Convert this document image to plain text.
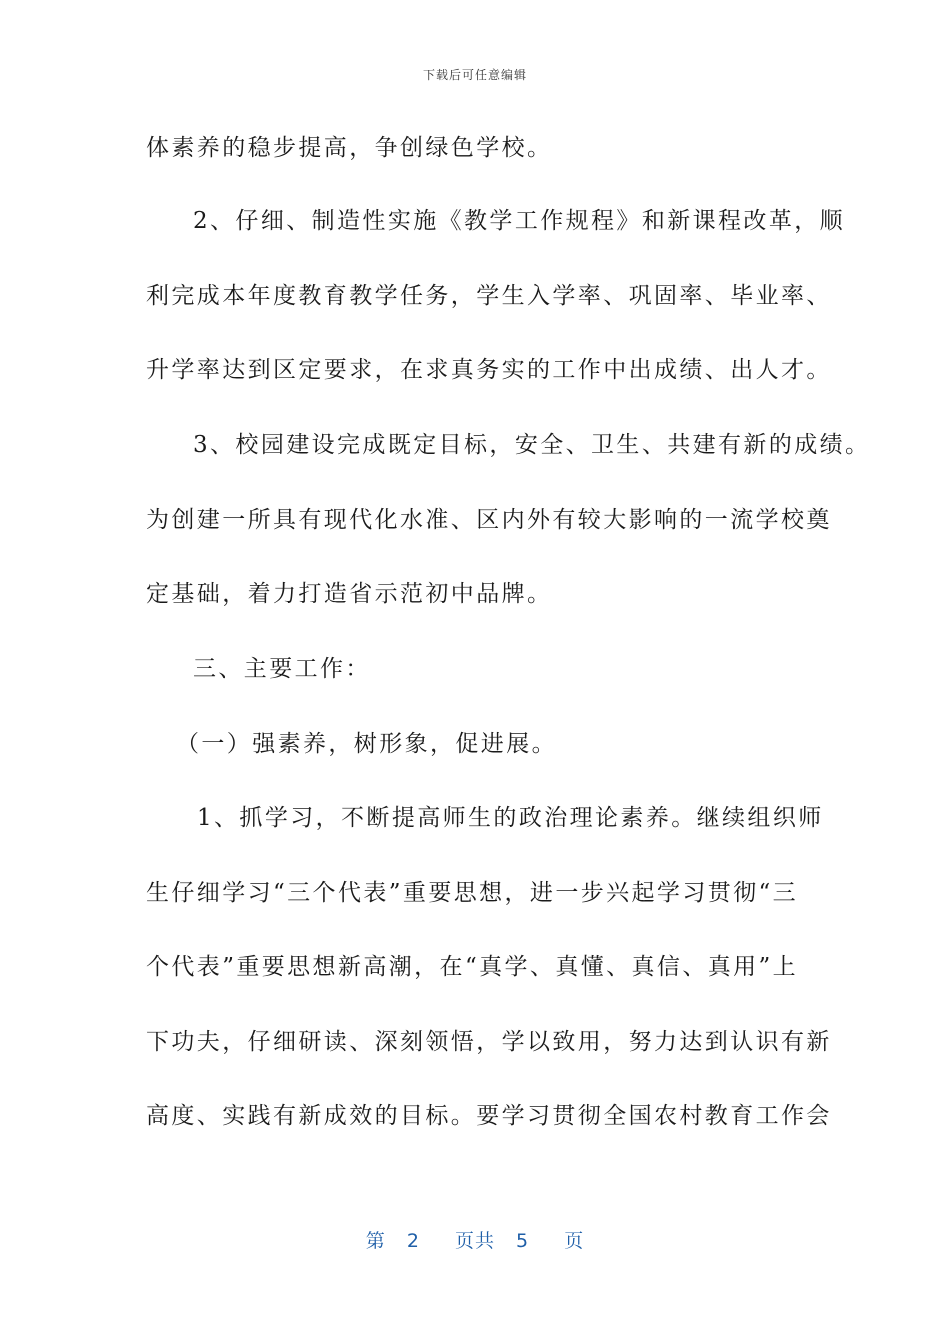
下载后可任意编辑
体素养的稳步提高，争创绿色学校。
2、仔细、制造性实施《教学工作规程》和新课程改革，顺
利完成本年度教育教学任务，学生入学率、巩固率、毕业率、
升学率达到区定要求，在求真务实的工作中出成绩、出人才。
3、校园建设完成既定目标，安全、卫生、共建有新的成绩。
为创建一所具有现代化水准、区内外有较大影响的一流学校奠
定基础，着力打造省示范初中品牌。
三、主要工作：
（一）强素养，树形象，促进展。
1、抓学习，不断提高师生的政治理论素养。继续组织师
生仔细学习“三个代表”重要思想，进一步兴起学习贯彻“三
个代表”重要思想新高潮，在“真学、真懂、真信、真用”上
下功夫，仔细研读、深刻领悟，学以致用，努力达到认识有新
高度、实践有新成效的目标。要学习贯彻全国农村教育工作会
第 2 页共 5 页
